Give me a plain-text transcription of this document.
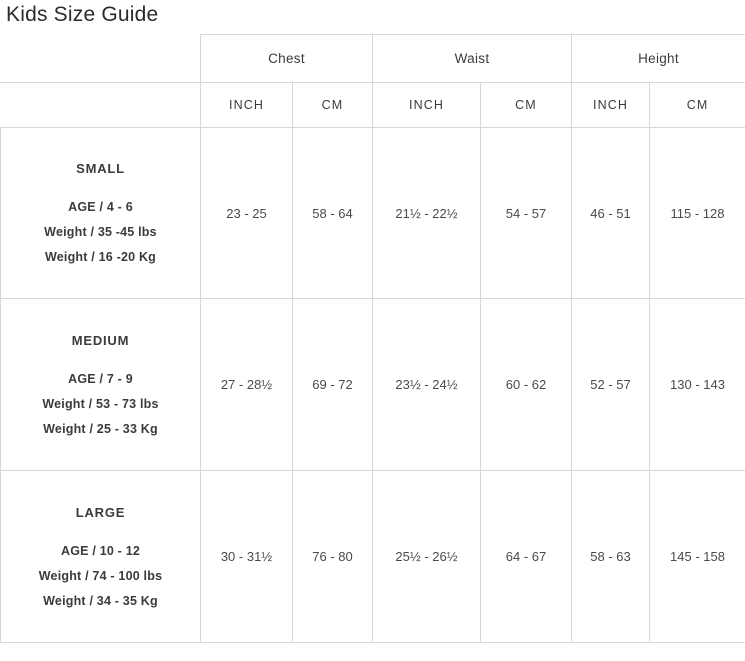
Kids Size Guide
	Chest		Waist		Height	
	INCH	CM	INCH	CM	INCH	CM

SMALL
AGE / 4 - 6
Weight / 35 -45 lbs
Weight / 16 -20 Kg	23 - 25	58 - 64	21½ - 22½	54 - 57	46 - 51	115 - 128

MEDIUM
AGE / 7 - 9
Weight / 53 - 73 lbs
Weight / 25 - 33 Kg	27 - 28½	69 - 72	23½ - 24½	60 - 62	52 - 57	130 - 143

LARGE
AGE / 10 - 12
Weight / 74 - 100 lbs
Weight / 34 - 35 Kg	30 - 31½	76 - 80	25½ - 26½	64 - 67	58 - 63	145 - 158
